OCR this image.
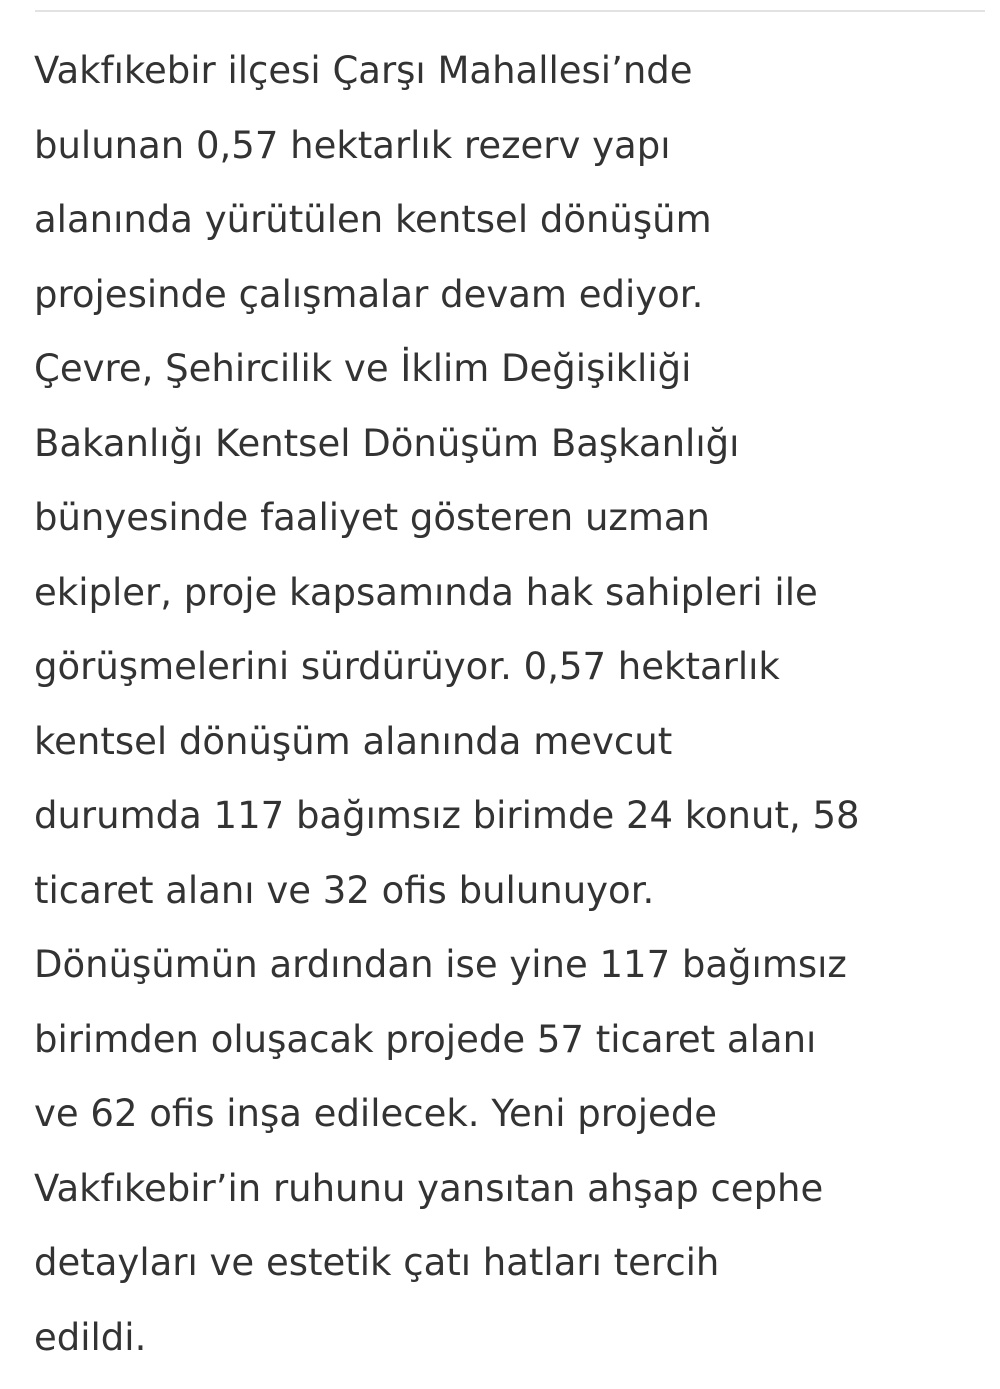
Vakfıkebir ilçesi Çarşı Mahallesi’nde
bulunan 0,57 hektarlık rezerv yapı
alanında yürütülen kentsel dönüşüm
projesinde çalışmalar devam ediyor.
Çevre, Şehircilik ve İklim Değişikliği
Bakanlığı Kentsel Dönüşüm Başkanlığı
bünyesinde faaliyet gösteren uzman
ekipler, proje kapsamında hak sahipleri ile
görüşmelerini sürdürüyor. 0,57 hektarlık
kentsel dönüşüm alanında mevcut
durumda 117 bağımsız birimde 24 konut, 58
ticaret alanı ve 32 ofis bulunuyor.
Dönüşümün ardından ise yine 117 bağımsız
birimden oluşacak projede 57 ticaret alanı
ve 62 ofis inşa edilecek. Yeni projede
Vakfıkebir’in ruhunu yansıtan ahşap cephe
detayları ve estetik çatı hatları tercih
edildi.
